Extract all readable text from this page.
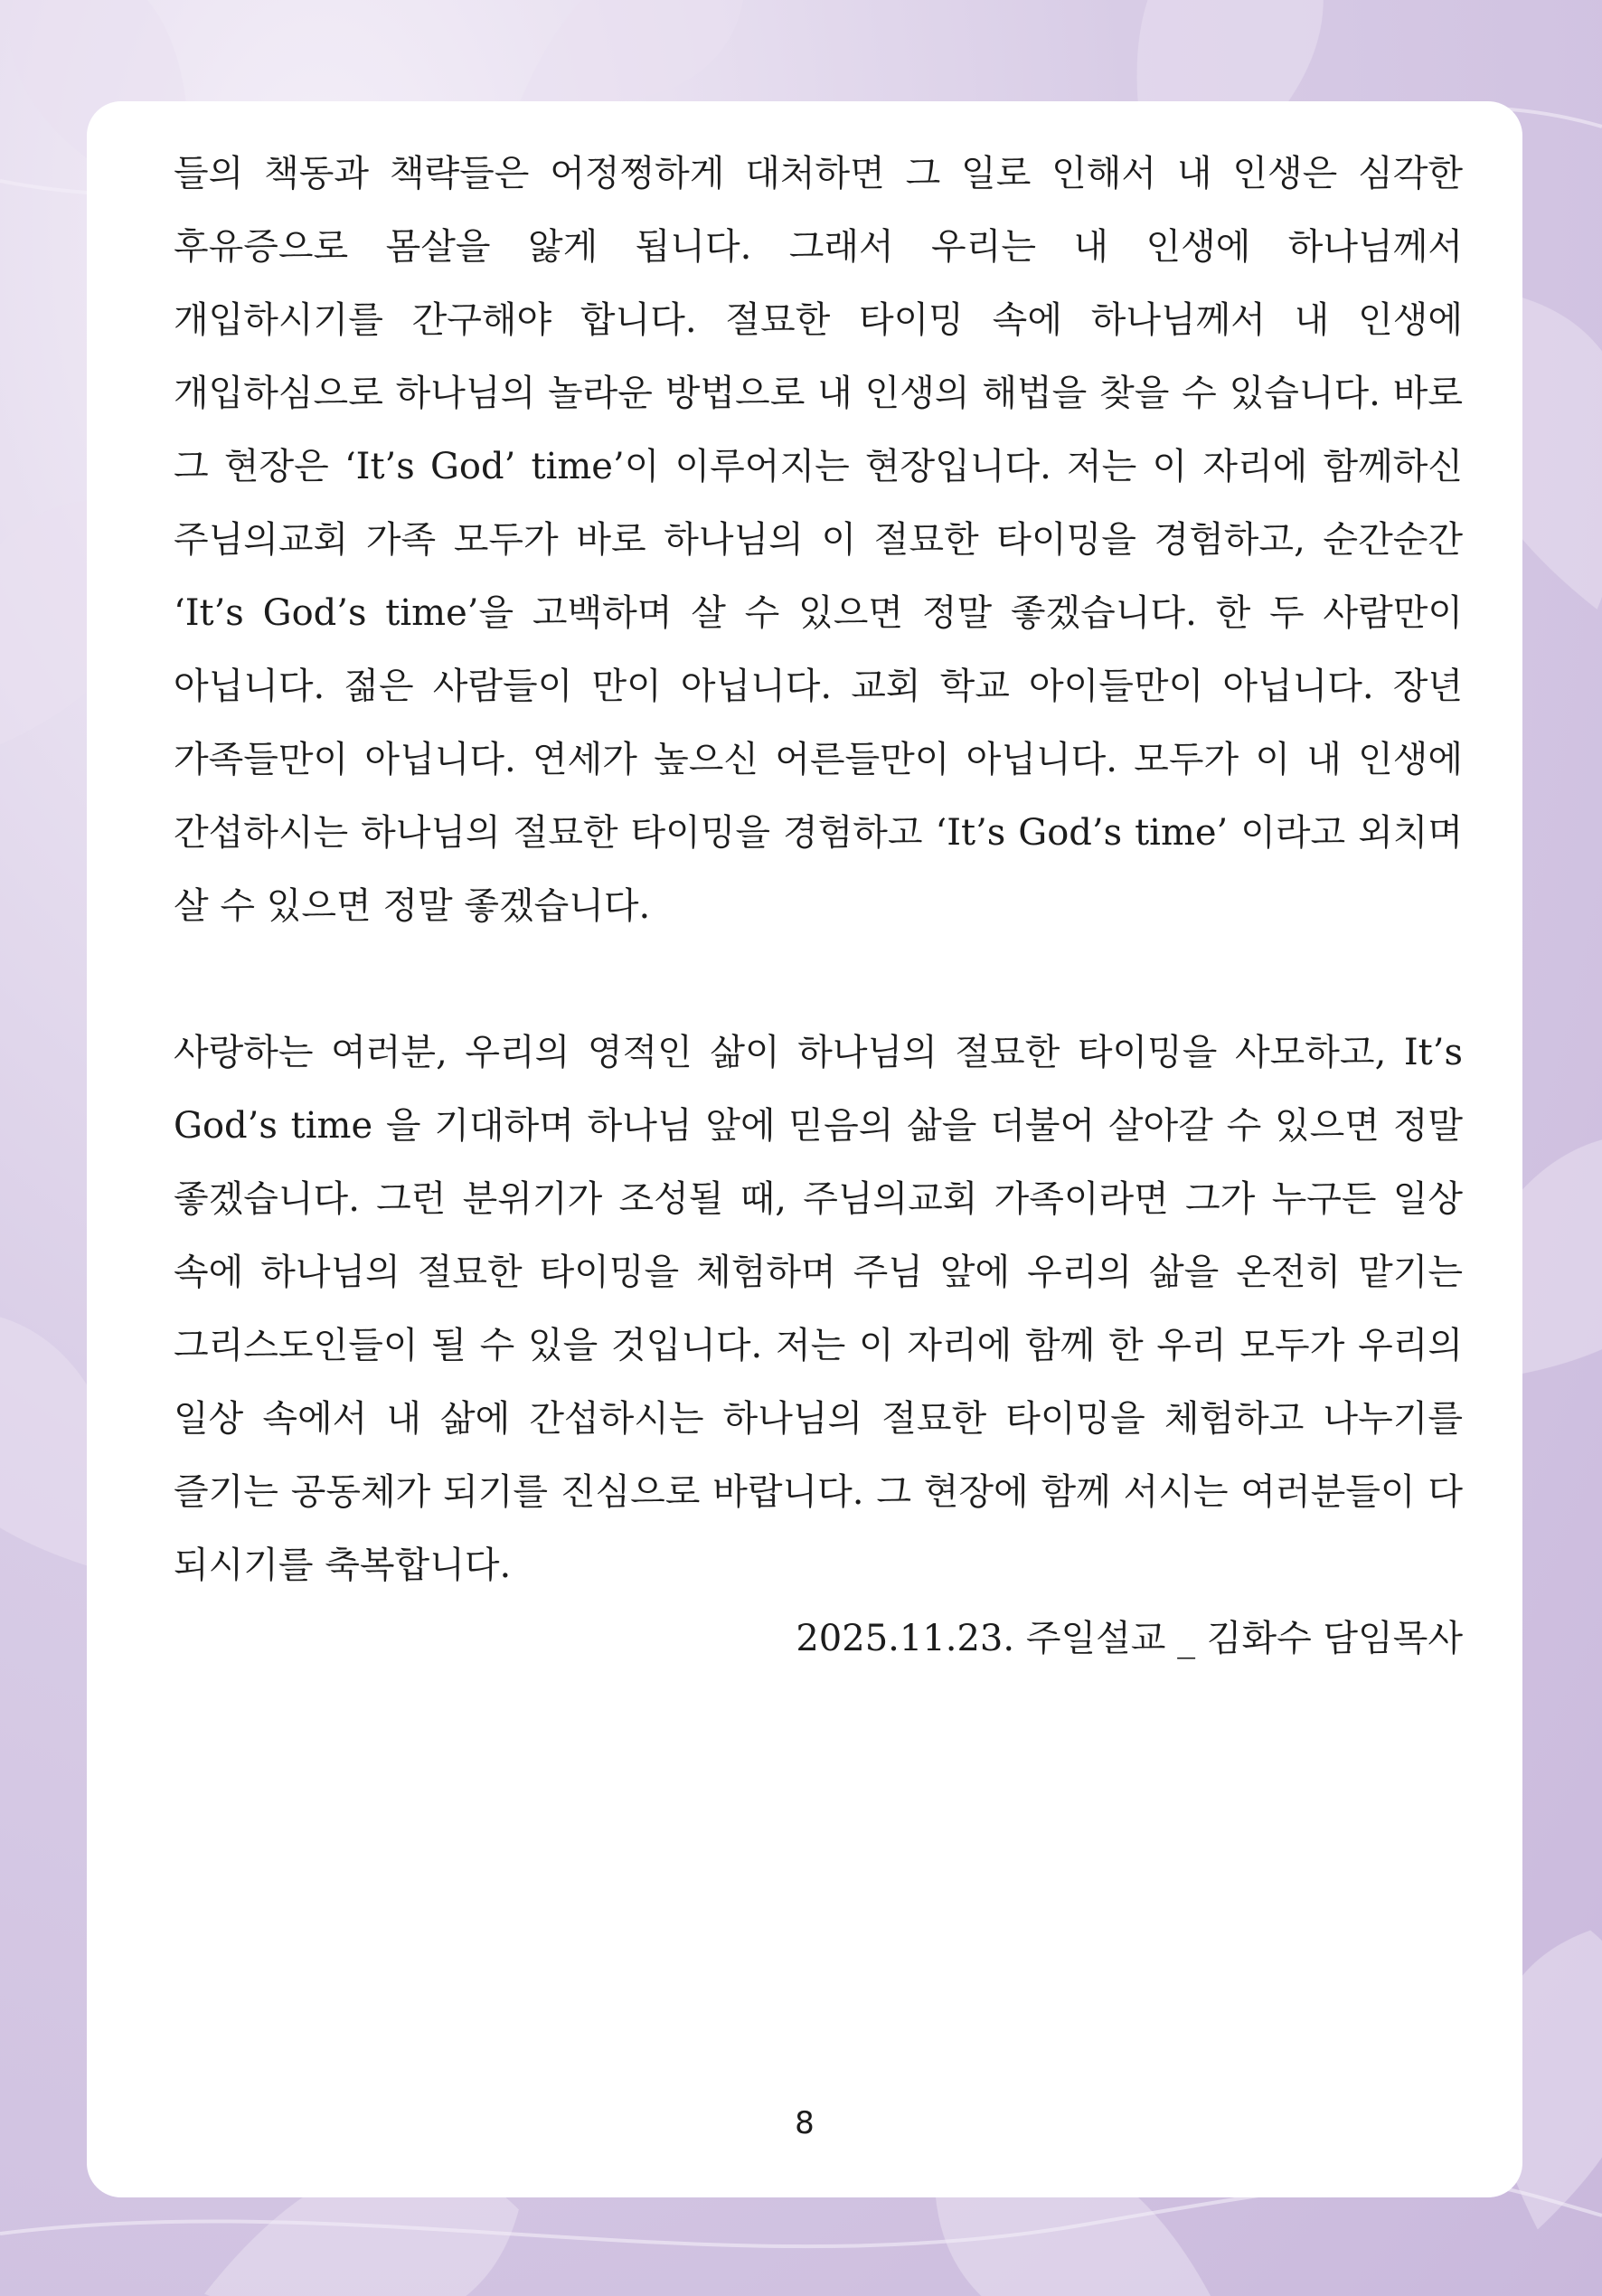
들의 책동과 책략들은 어정쩡하게 대처하면 그 일로 인해서 내 인생은 심각한 후유증으로 몸살을 앓게 됩니다. 그래서 우리는 내 인생에 하나님께서 개입하시기를 간구해야 합니다. 절묘한 타이밍 속에 하나님께서 내 인생에 개입하심으로 하나님의 놀라운 방법으로 내 인생의 해법을 찾을 수 있습니다. 바로 그 현장은 ‘It’s God’ time’이 이루어지는 현장입니다. 저는 이 자리에 함께하신 주님의교회 가족 모두가 바로 하나님의 이 절묘한 타이밍을 경험하고, 순간순간 ‘It’s God’s time’을 고백하며 살 수 있으면 정말 좋겠습니다. 한 두 사람만이 아닙니다. 젊은 사람들이 만이 아닙니다. 교회 학교 아이들만이 아닙니다. 장년 가족들만이 아닙니다. 연세가 높으신 어른들만이 아닙니다. 모두가 이 내 인생에 간섭하시는 하나님의 절묘한 타이밍을 경험하고 ‘It’s God’s time’ 이라고 외치며 살 수 있으면 정말 좋겠습니다.

사랑하는 여러분, 우리의 영적인 삶이 하나님의 절묘한 타이밍을 사모하고, It’s God’s time 을 기대하며 하나님 앞에 믿음의 삶을 더불어 살아갈 수 있으면 정말 좋겠습니다. 그런 분위기가 조성될 때, 주님의교회 가족이라면 그가 누구든 일상 속에 하나님의 절묘한 타이밍을 체험하며 주님 앞에 우리의 삶을 온전히 맡기는 그리스도인들이 될 수 있을 것입니다. 저는 이 자리에 함께 한 우리 모두가 우리의 일상 속에서 내 삶에 간섭하시는 하나님의 절묘한 타이밍을 체험하고 나누기를 즐기는 공동체가 되기를 진심으로 바랍니다. 그 현장에 함께 서시는 여러분들이 다 되시기를 축복합니다.

2025.11.23. 주일설교 _ 김화수 담임목사

8
